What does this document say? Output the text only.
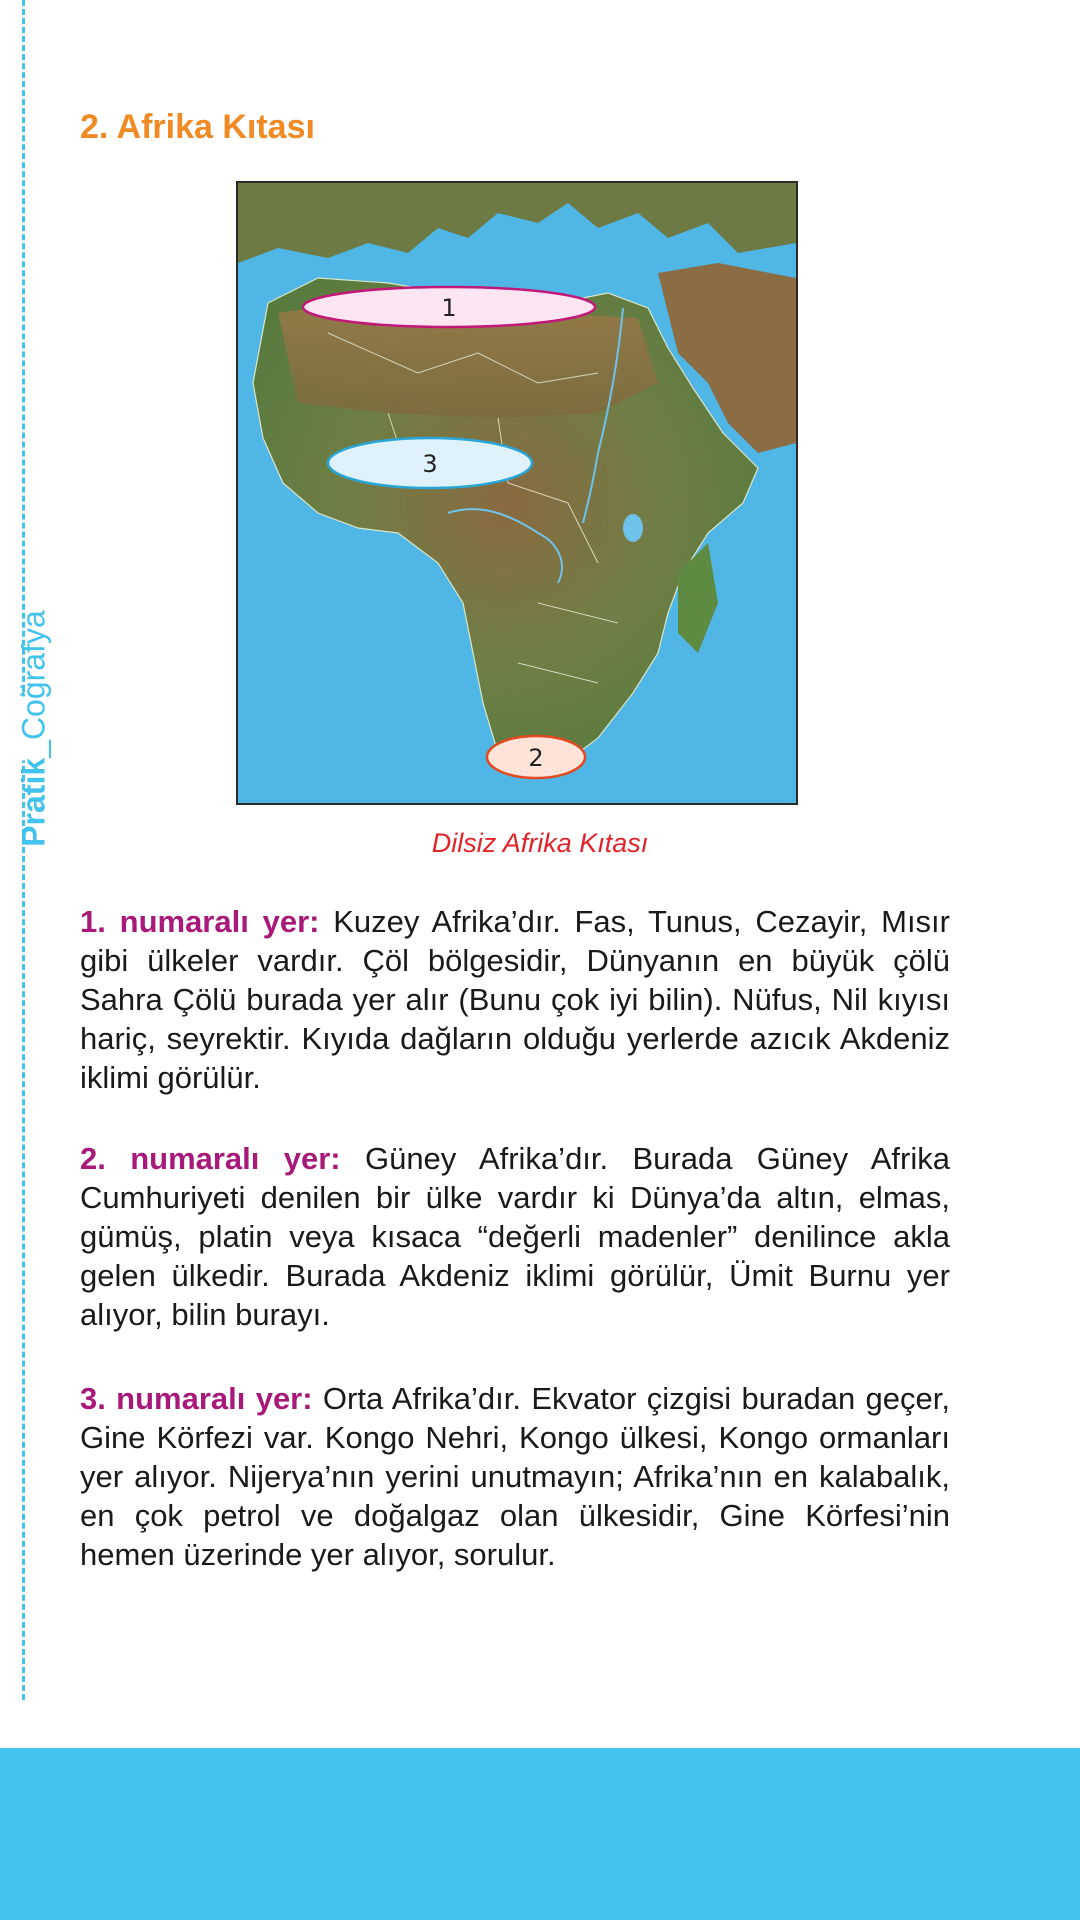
Pratik
_Coğrafya
2. Afrika Kıtası
1
3
2
Dilsiz Afrika Kıtası

1. numaralı yer: Kuzey Afrika’dır. Fas, Tunus, Cezayir, Mısır gibi ülkeler vardır. Çöl bölgesidir, Dünyanın en büyük çölü Sahra Çölü burada yer alır (Bunu çok iyi bilin). Nüfus, Nil kıyısı hariç, seyrektir. Kıyıda dağların olduğu yerlerde azıcık Akdeniz iklimi görülür.

2. numaralı yer: Güney Afrika’dır. Burada Güney Afrika Cumhuriyeti denilen bir ülke vardır ki Dünya’da altın, elmas, gümüş, platin veya kısaca “değerli madenler” denilince akla gelen ülkedir. Burada Akdeniz iklimi görülür, Ümit Burnu yer alıyor, bilin burayı.

3. numaralı yer: Orta Afrika’dır. Ekvator çizgisi buradan geçer, Gine Körfezi var. Kongo Nehri, Kongo ülkesi, Kongo ormanları yer alıyor. Nijerya’nın yerini unutmayın; Afrika’nın en kalabalık, en çok petrol ve doğalgaz olan ülkesidir, Gine Körfesi’nin hemen üzerinde yer alıyor, sorulur.
